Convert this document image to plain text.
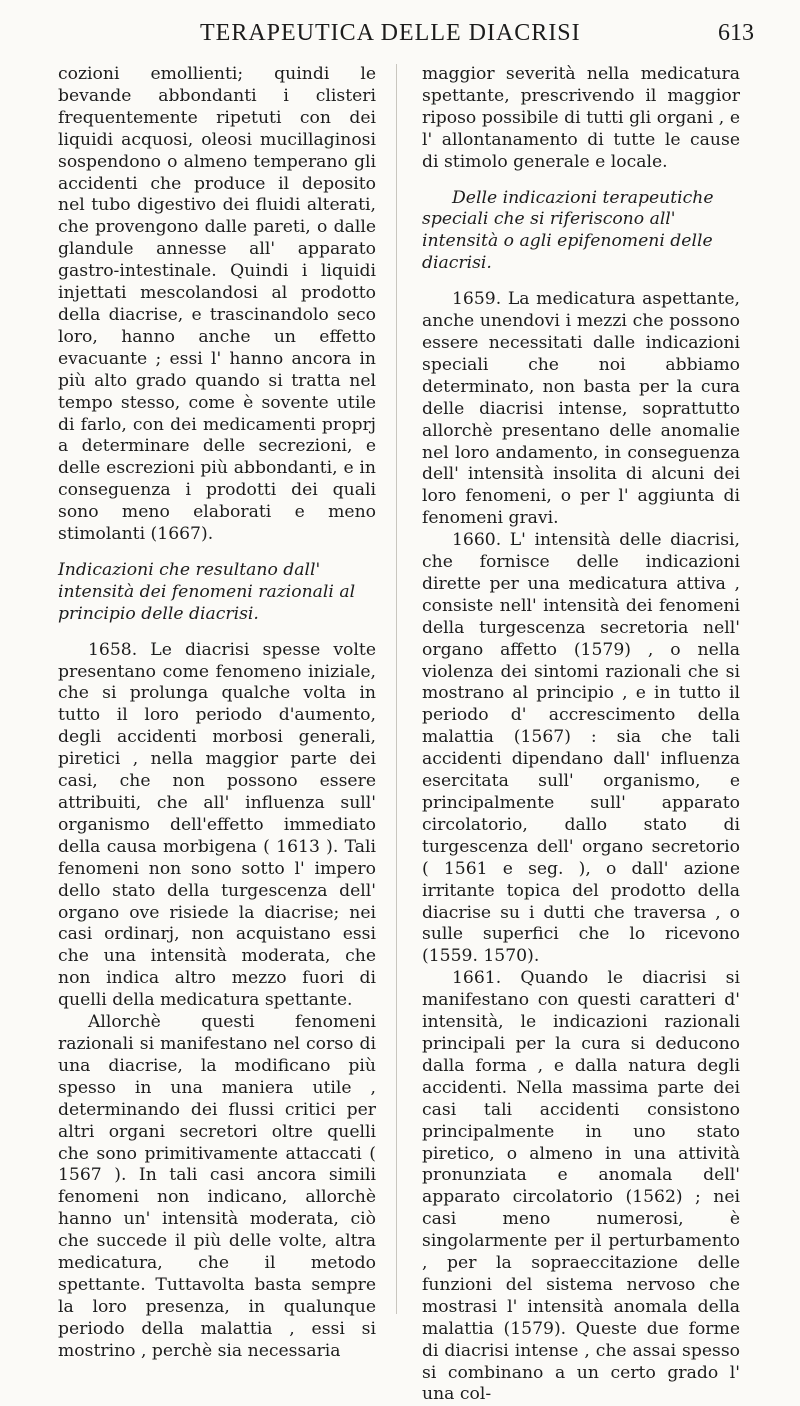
TERAPEUTICA DELLE DIACRISI	613

cozioni emollienti; quindi le bevande abbondanti i clisteri frequentemente ripetuti con dei liquidi acquosi, oleosi mucillaginosi sospendono o almeno temperano gli accidenti che produce il deposito nel tubo digestivo dei fluidi alterati, che provengono dalle pareti, o dalle glandule annesse all' apparato gastro-intestinale. Quindi i liquidi injettati mescolandosi al prodotto della diacrise, e trascinandolo seco loro, hanno anche un effetto evacuante ; essi l' hanno ancora in più alto grado quando si tratta nel tempo stesso, come è sovente utile di farlo, con dei medicamenti proprj a determinare delle secrezioni, e delle escrezioni più abbondanti, e in conseguenza i prodotti dei quali sono meno elaborati e meno stimolanti (1667).

Indicazioni che resultano dall' intensità dei fenomeni razionali al principio delle diacrisi.

1658. Le diacrisi spesse volte presentano come fenomeno iniziale, che si prolunga qualche volta in tutto il loro periodo d'aumento, degli accidenti morbosi generali, piretici , nella maggior parte dei casi, che non possono essere attribuiti, che all' influenza sull' organismo dell'effetto immediato della causa morbigena ( 1613 ). Tali fenomeni non sono sotto l' impero dello stato della turgescenza dell' organo ove risiede la diacrise; nei casi ordinarj, non acquistano essi che una intensità moderata, che non indica altro mezzo fuori di quelli della medicatura spettante.

Allorchè questi fenomeni razionali si manifestano nel corso di una diacrise, la modificano più spesso in una maniera utile , determinando dei flussi critici per altri organi secretori oltre quelli che sono primitivamente attaccati ( 1567 ). In tali casi ancora simili fenomeni non indicano, allorchè hanno un' intensità moderata, ciò che succede il più delle volte, altra medicatura, che il metodo spettante. Tuttavolta basta sempre la loro presenza, in qualunque periodo della malattia , essi si mostrino , perchè sia necessaria

maggior severità nella medicatura spettante, prescrivendo il maggior riposo possibile di tutti gli organi , e l' allontanamento di tutte le cause di stimolo generale e locale.

Delle indicazioni terapeutiche speciali che si riferiscono all' intensità o agli epifenomeni delle diacrisi.

1659. La medicatura aspettante, anche unendovi i mezzi che possono essere necessitati dalle indicazioni speciali che noi abbiamo determinato, non basta per la cura delle diacrisi intense, soprattutto allorchè presentano delle anomalie nel loro andamento, in conseguenza dell' intensità insolita di alcuni dei loro fenomeni, o per l' aggiunta di fenomeni gravi.

1660. L' intensità delle diacrisi, che fornisce delle indicazioni dirette per una medicatura attiva , consiste nell' intensità dei fenomeni della turgescenza secretoria nell' organo affetto (1579) , o nella violenza dei sintomi razionali che si mostrano al principio , e in tutto il periodo d' accrescimento della malattia (1567) : sia che tali accidenti dipendano dall' influenza esercitata sull' organismo, e principalmente sull' apparato circolatorio, dallo stato di turgescenza dell' organo secretorio ( 1561 e seg. ), o dall' azione irritante topica del prodotto della diacrise su i dutti che traversa , o sulle superfici che lo ricevono (1559. 1570).

1661. Quando le diacrisi si manifestano con questi caratteri d' intensità, le indicazioni razionali principali per la cura si deducono dalla forma , e dalla natura degli accidenti. Nella massima parte dei casi tali accidenti consistono principalmente in uno stato piretico, o almeno in una attività pronunziata e anomala dell' apparato circolatorio (1562) ; nei casi meno numerosi, è singolarmente per il perturbamento , per la sopraeccitazione delle funzioni del sistema nervoso che mostrasi l' intensità anomala della malattia (1579). Queste due forme di diacrisi intense , che assai spesso si combinano a un certo grado l' una col-
